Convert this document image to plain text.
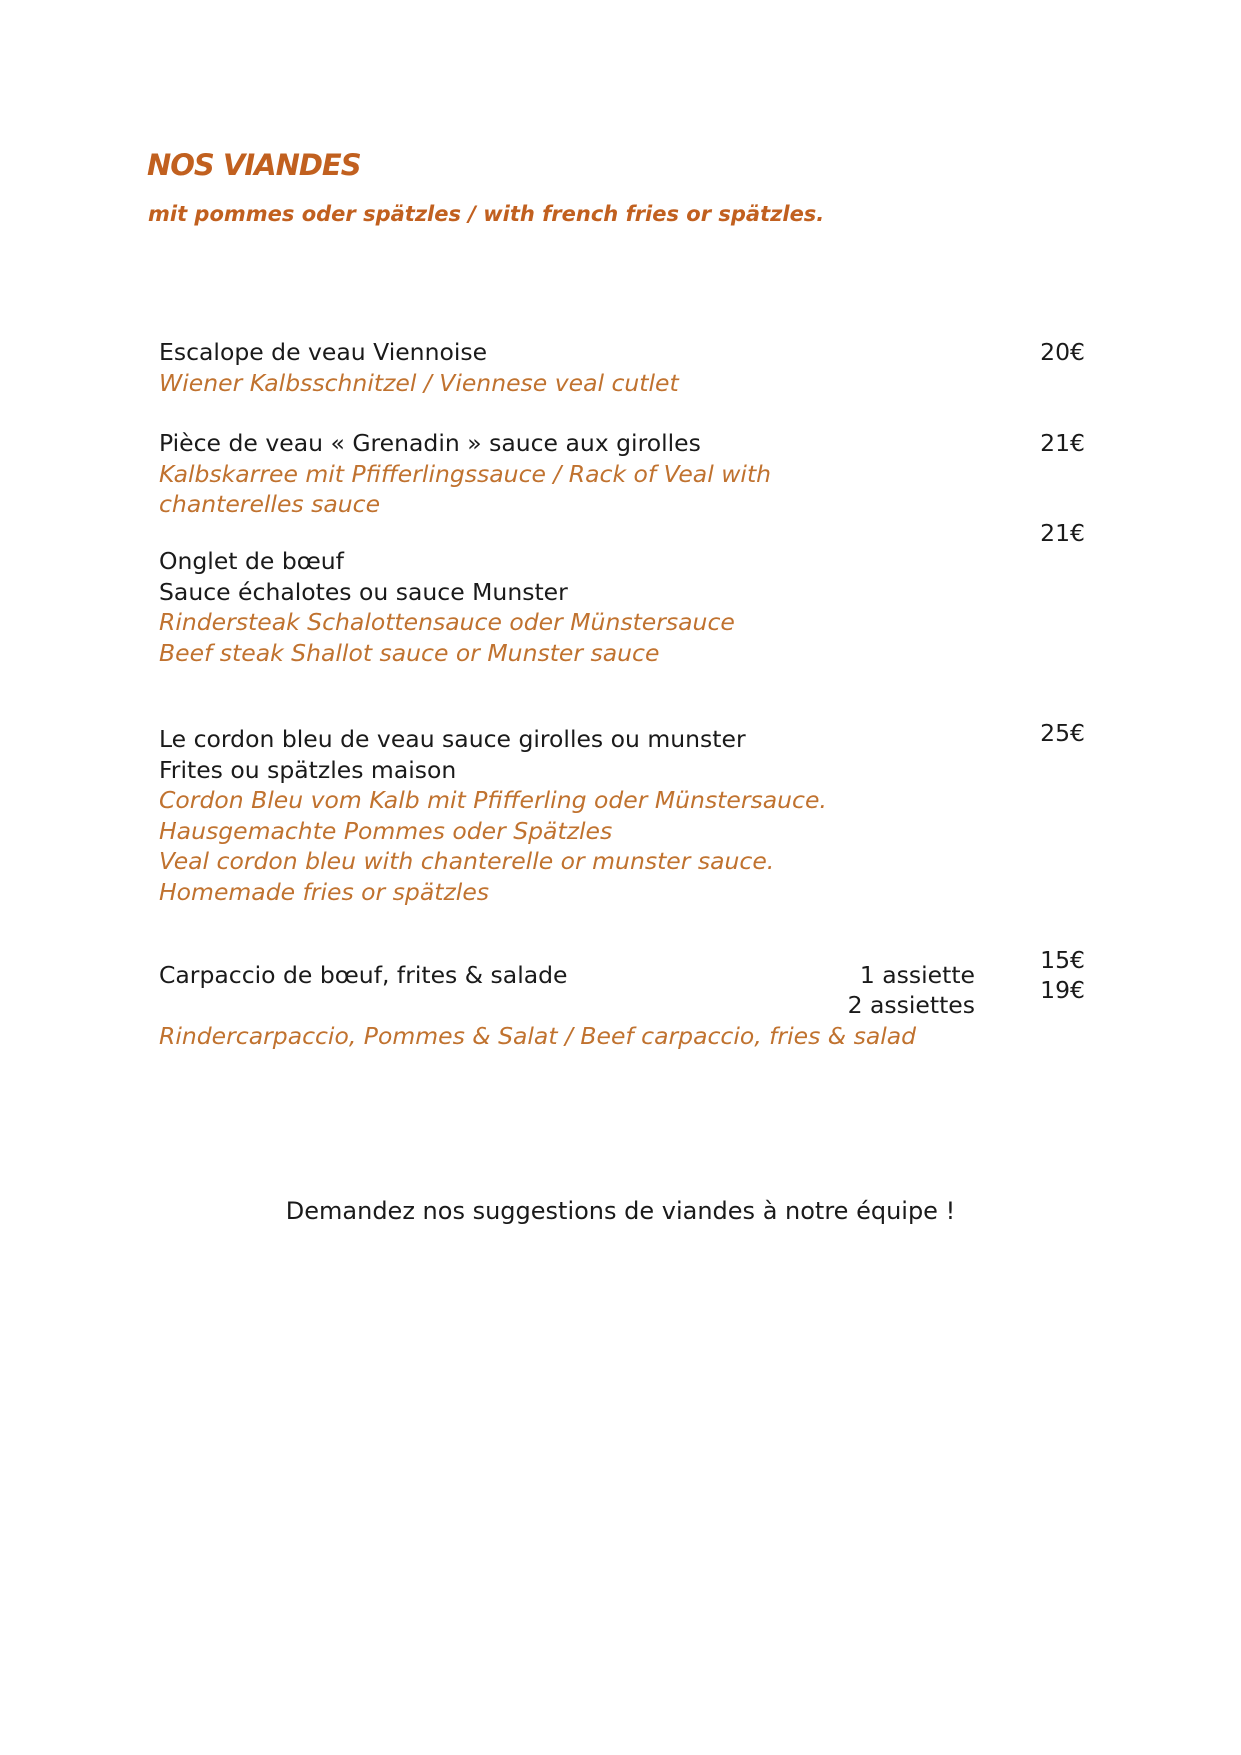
NOS VIANDES

mit pommes oder spätzles / with french fries or spätzles.

Escalope de veau Viennoise
Wiener Kalbsschnitzel / Viennese veal cutlet
20€
Pièce de veau « Grenadin » sauce aux girolles
Kalbskarree mit Pfifferlingssauce / Rack of Veal with
chanterelles sauce
21€
Onglet de bœuf
Sauce échalotes ou sauce Munster
Rindersteak Schalottensauce oder Münstersauce
Beef steak Shallot sauce or Munster sauce
21€
Le cordon bleu de veau sauce girolles ou munster
Frites ou spätzles maison
Cordon Bleu vom Kalb mit Pfifferling oder Münstersauce.
Hausgemachte Pommes oder Spätzles
Veal cordon bleu with chanterelle or munster sauce.
Homemade fries or spätzles
25€
Carpaccio de bœuf, frites & salade
Rindercarpaccio, Pommes & Salat / Beef carpaccio, fries & salad
1 assiette
2 assiettes
15€
19€

Demandez nos suggestions de viandes à notre équipe !
